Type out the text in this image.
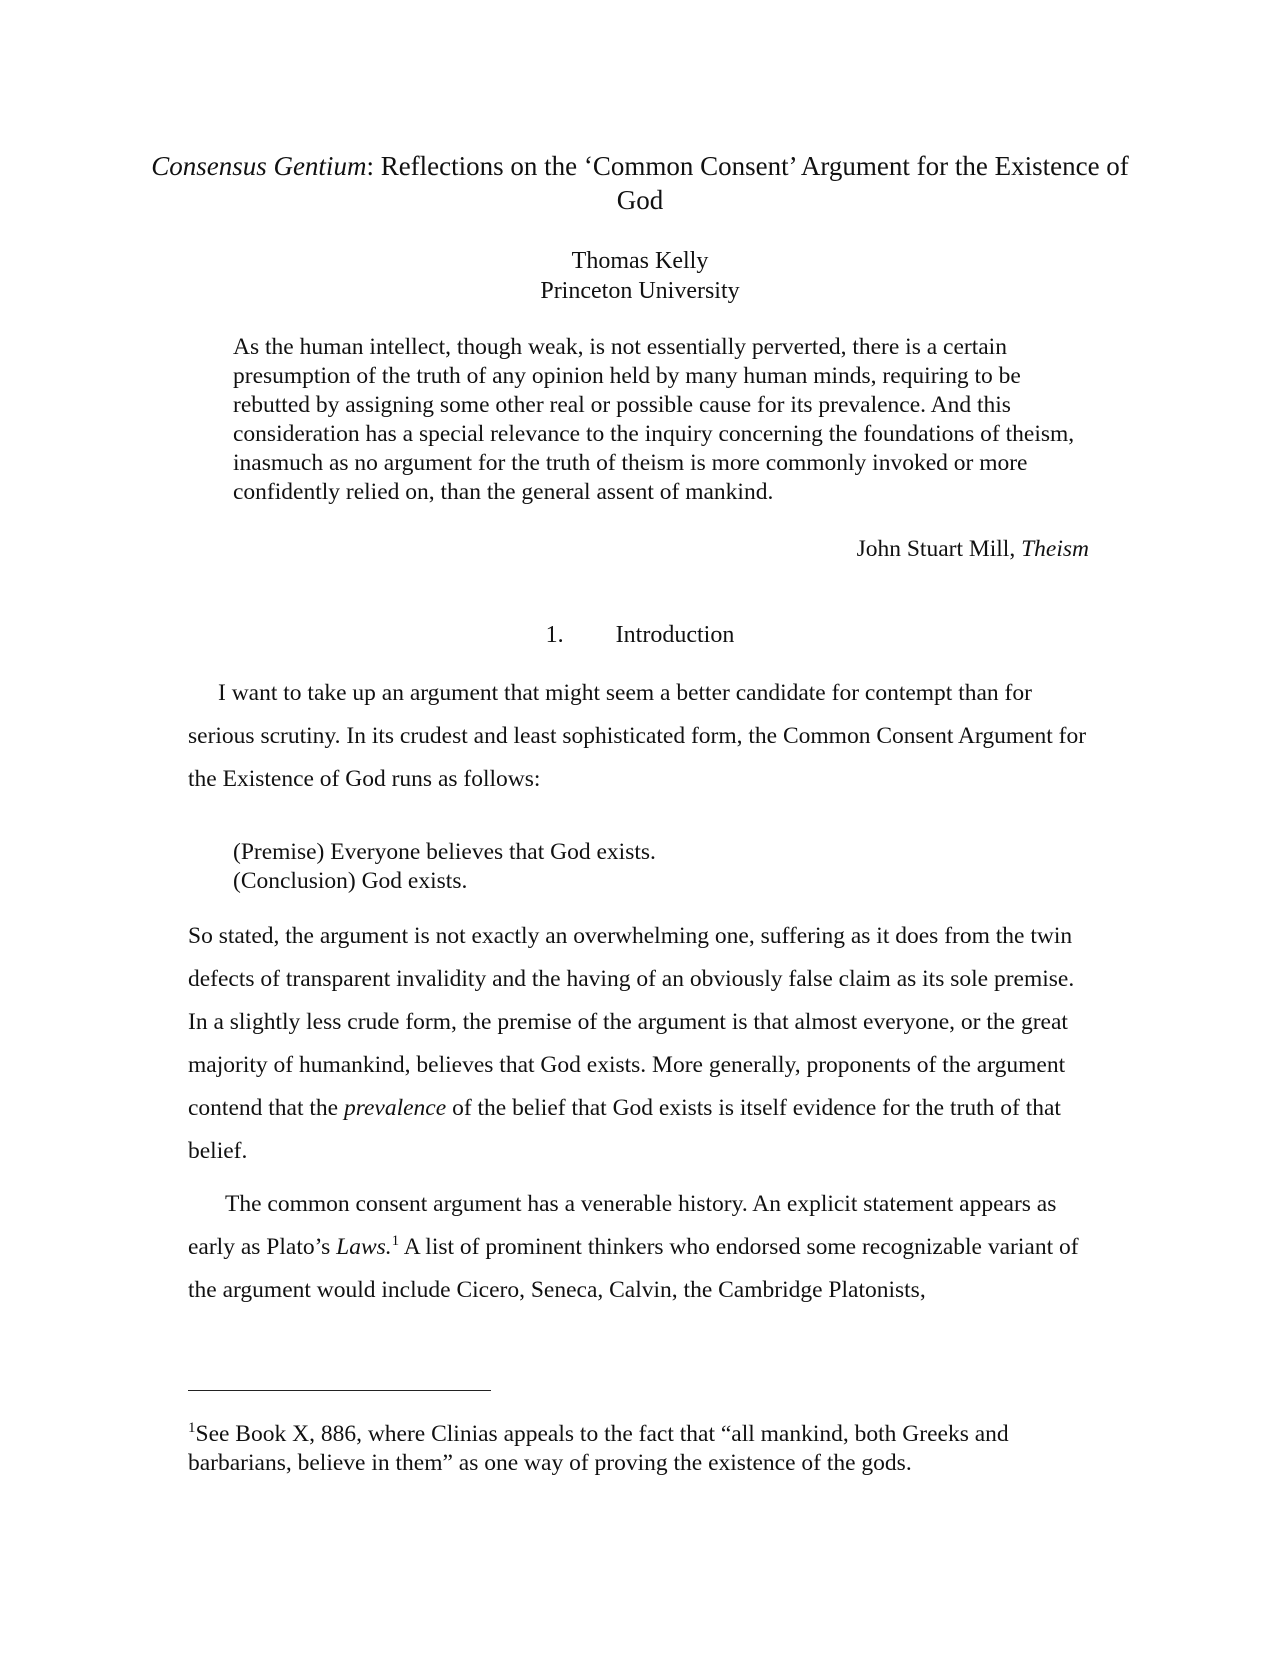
Consensus Gentium: Reflections on the ‘Common Consent’ Argument for the Existence of God
Thomas Kelly
Princeton University
As the human intellect, though weak, is not essentially perverted, there is a certain presumption of the truth of any opinion held by many human minds, requiring to be rebutted by assigning some other real or possible cause for its prevalence. And this consideration has a special relevance to the inquiry concerning the foundations of theism, inasmuch as no argument for the truth of theism is more commonly invoked or more confidently relied on, than the general assent of mankind.
John Stuart Mill, Theism
1. Introduction

I want to take up an argument that might seem a better candidate for contempt than for serious scrutiny. In its crudest and least sophisticated form, the Common Consent Argument for the Existence of God runs as follows:

(Premise) Everyone believes that God exists.
(Conclusion) God exists.

So stated, the argument is not exactly an overwhelming one, suffering as it does from the twin defects of transparent invalidity and the having of an obviously false claim as its sole premise. In a slightly less crude form, the premise of the argument is that almost everyone, or the great majority of humankind, believes that God exists. More generally, proponents of the argument contend that the prevalence of the belief that God exists is itself evidence for the truth of that belief.

The common consent argument has a venerable history. An explicit statement appears as early as Plato’s Laws.$^1$ A list of prominent thinkers who endorsed some recognizable variant of the argument would include Cicero, Seneca, Calvin, the Cambridge Platonists,

$^1$See Book X, 886, where Clinias appeals to the fact that “all mankind, both Greeks and barbarians, believe in them” as one way of proving the existence of the gods.
